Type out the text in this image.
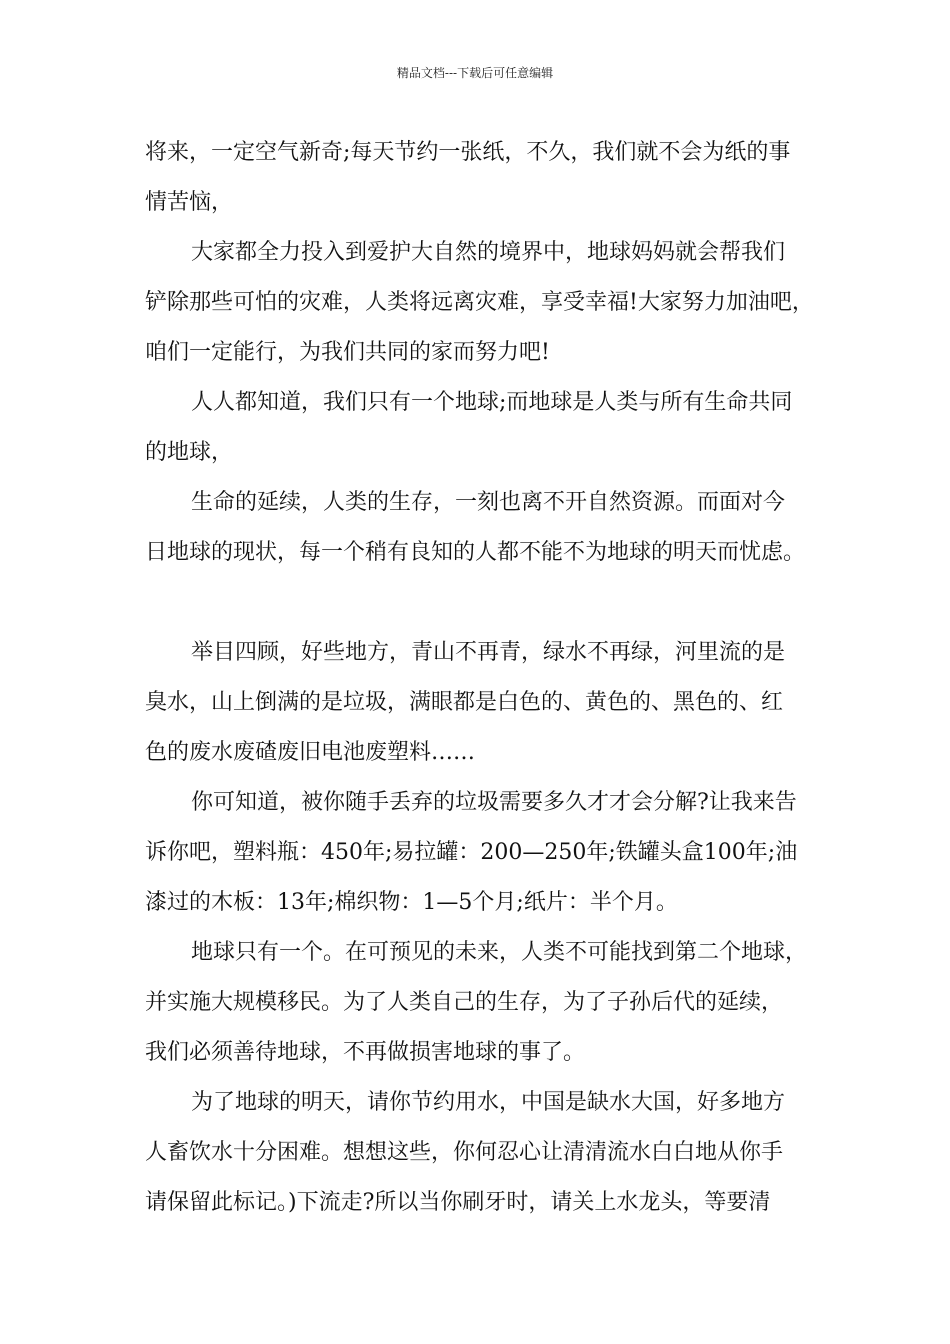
精品文档---下载后可任意编辑
将来，一定空气新奇;每天节约一张纸，不久，我们就不会为纸的事
情苦恼，
大家都全力投入到爱护大自然的境界中，地球妈妈就会帮我们
铲除那些可怕的灾难，人类将远离灾难，享受幸福!大家努力加油吧，
咱们一定能行，为我们共同的家而努力吧!
人人都知道，我们只有一个地球;而地球是人类与所有生命共同
的地球，
生命的延续，人类的生存，一刻也离不开自然资源。而面对今
日地球的现状，每一个稍有良知的人都不能不为地球的明天而忧虑。
举目四顾，好些地方，青山不再青，绿水不再绿，河里流的是
臭水，山上倒满的是垃圾，满眼都是白色的、黄色的、黑色的、红
色的废水废碴废旧电池废塑料……
你可知道，被你随手丢弃的垃圾需要多久才才会分解?让我来告
诉你吧，塑料瓶：450年;易拉罐：200—250年;铁罐头盒100年;油
漆过的木板：13年;棉织物：1—5个月;纸片：半个月。
地球只有一个。在可预见的未来，人类不可能找到第二个地球，
并实施大规模移民。为了人类自己的生存，为了子孙后代的延续，
我们必须善待地球，不再做损害地球的事了。
为了地球的明天，请你节约用水，中国是缺水大国，好多地方
人畜饮水十分困难。想想这些，你何忍心让清清流水白白地从你手
请保留此标记。)下流走?所以当你刷牙时，请关上水龙头，等要清
